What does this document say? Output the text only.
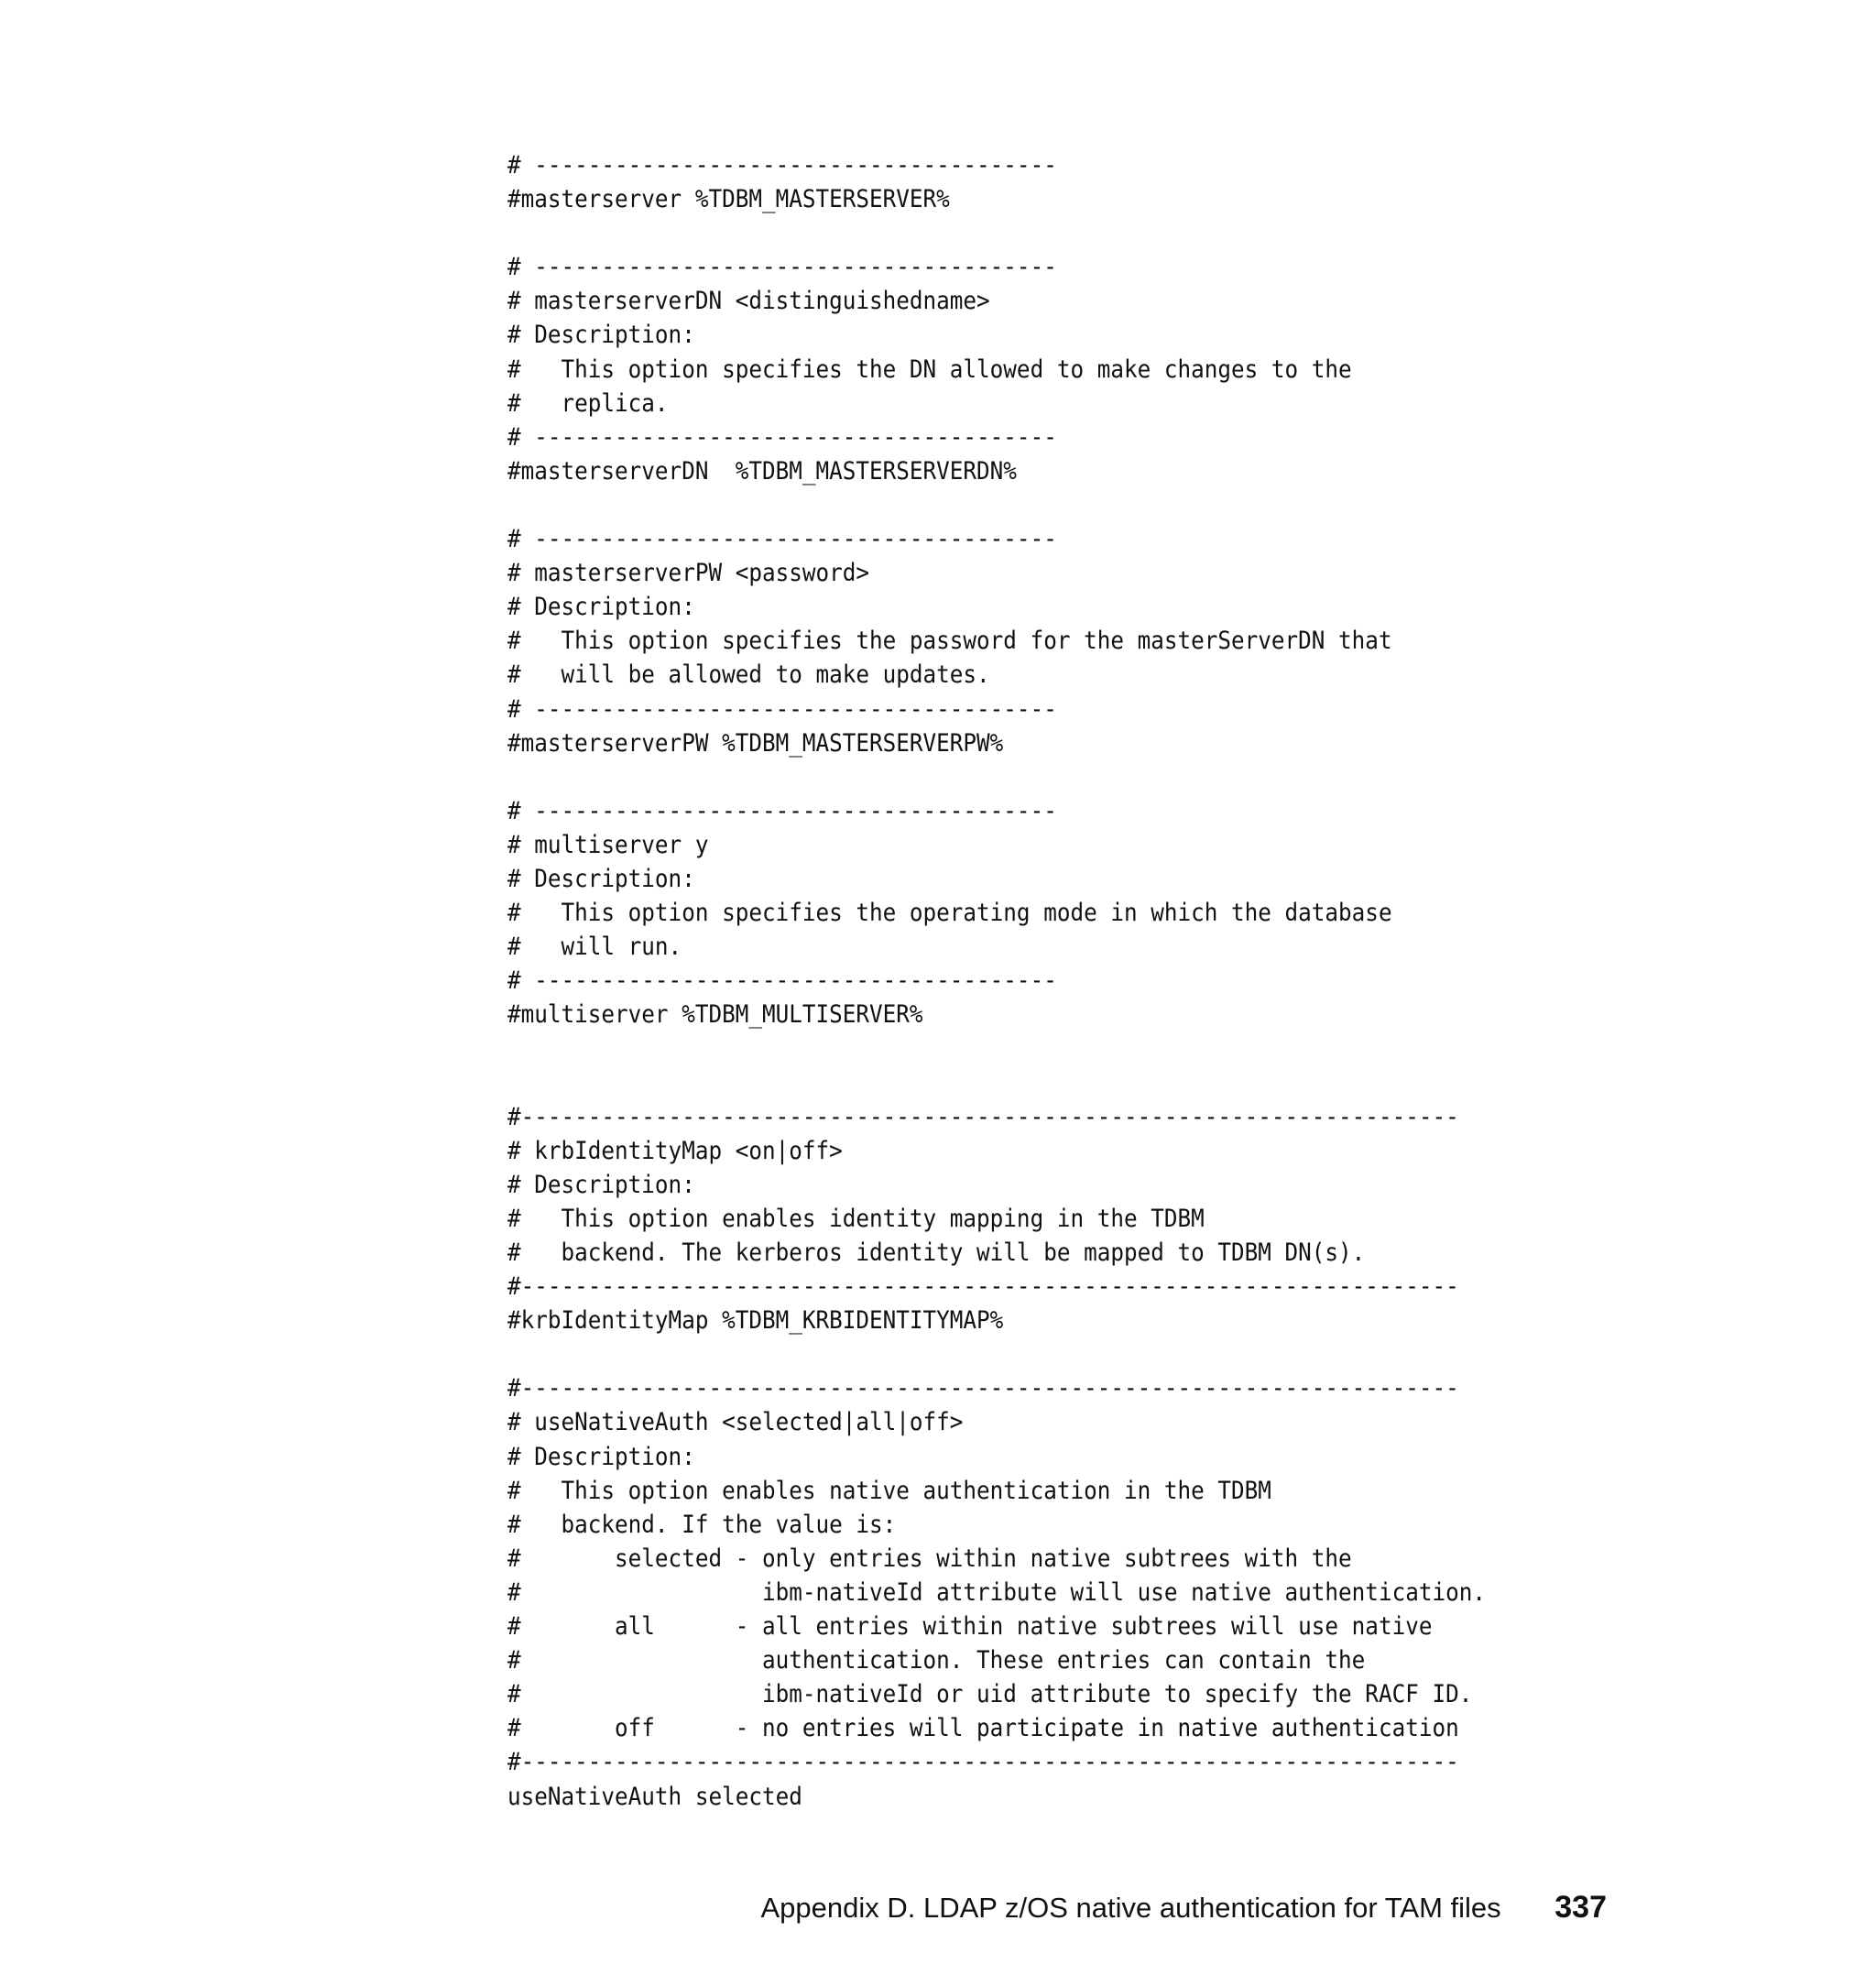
# ---------------------------------------
#masterserver %TDBM_MASTERSERVER%
# ---------------------------------------
# masterserverDN <distinguishedname>
# Description:
#   This option specifies the DN allowed to make changes to the
#   replica.
# ---------------------------------------
#masterserverDN  %TDBM_MASTERSERVERDN%
# ---------------------------------------
# masterserverPW <password>
# Description:
#   This option specifies the password for the masterServerDN that
#   will be allowed to make updates.
# ---------------------------------------
#masterserverPW %TDBM_MASTERSERVERPW%
# ---------------------------------------
# multiserver y
# Description:
#   This option specifies the operating mode in which the database
#   will run.
# ---------------------------------------
#multiserver %TDBM_MULTISERVER%
#----------------------------------------------------------------------
# krbIdentityMap <on|off>
# Description:
#   This option enables identity mapping in the TDBM
#   backend. The kerberos identity will be mapped to TDBM DN(s).
#----------------------------------------------------------------------
#krbIdentityMap %TDBM_KRBIDENTITYMAP%
#----------------------------------------------------------------------
# useNativeAuth <selected|all|off>
# Description:
#   This option enables native authentication in the TDBM
#   backend. If the value is:
#       selected - only entries within native subtrees with the
#                  ibm-nativeId attribute will use native authentication.
#       all      - all entries within native subtrees will use native
#                  authentication. These entries can contain the
#                  ibm-nativeId or uid attribute to specify the RACF ID.
#       off      - no entries will participate in native authentication
#----------------------------------------------------------------------
useNativeAuth selected
Appendix D. LDAP z/OS native authentication for TAM files 337
